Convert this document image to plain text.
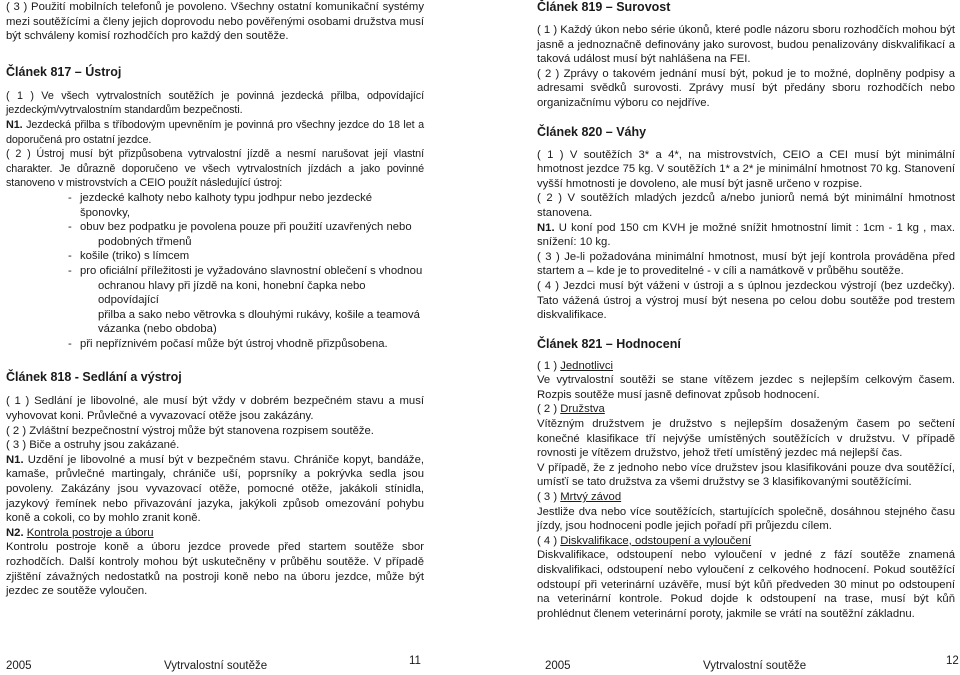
( 3 ) Použití mobilních telefonů je povoleno. Všechny ostatní komunikační systémy mezi soutěžícími a členy jejich doprovodu nebo pověřenými osobami družstva musí být schváleny komisí rozhodčích pro každý den soutěže.

Článek 817 – Ústroj

( 1 ) Ve všech vytrvalostních soutěžích je povinná jezdecká přilba, odpovídající jezdeckým/vytrvalostním standardům bezpečnosti.

N1. Jezdecká přilba s tříbodovým upevněním je povinná pro všechny jezdce do 18 let a doporučená pro ostatní jezdce.

( 2 ) Ústroj musí být přizpůsobena vytrvalostní jízdě a nesmí narušovat její vlastní charakter. Je důrazně doporučeno ve všech vytrvalostních jízdách a jako povinné stanoveno v mistrovstvích a CEIO použít následující ústroj:

- jezdecké kalhoty nebo kalhoty typu jodhpur nebo jezdecké šponovky,
- obuv bez podpatku je povolena pouze při použití uzavřených nebo
podobných třmenů
- košile (triko) s límcem
- pro oficiální příležitosti je vyžadováno slavnostní oblečení s vhodnou
ochranou hlavy při jízdě na koni, honební čapka nebo odpovídající
přilba a sako nebo větrovka s dlouhými rukávy, košile a teamová
vázanka (nebo obdoba)
- při nepříznivém počasí může být ústroj vhodně přizpůsobena.
Článek 818 - Sedlání a výstroj

( 1 ) Sedlání je libovolné, ale musí být vždy v dobrém bezpečném stavu a musí vyhovovat koni. Průvlečné a vyvazovací otěže jsou zakázány.

( 2 ) Zvláštní bezpečnostní výstroj může být stanovena rozpisem soutěže.

( 3 ) Biče a ostruhy jsou zakázané.

N1. Uzdění je libovolné a musí být v bezpečném stavu. Chrániče kopyt, bandáže, kamaše, průvlečné martingaly, chrániče uší, poprsníky a pokrývka sedla jsou povoleny. Zakázány jsou vyvazovací otěže, pomocné otěže, jakákoli stínidla, jazykový řemínek nebo přivazování jazyka, jakýkoli způsob omezování pohybu koně a cokoli, co by mohlo zranit koně.

N2. Kontrola postroje a úboru

Kontrolu postroje koně a úboru jezdce provede před startem soutěže sbor rozhodčích. Další kontroly mohou být uskutečněny v průběhu soutěže. V případě zjištění závažných nedostatků na postroji koně nebo na úboru jezdce, může být jezdec ze soutěže vyloučen.

Článek 819 – Surovost

( 1 ) Každý úkon nebo série úkonů, které podle názoru sboru rozhodčích mohou být jasně a jednoznačně definovány jako surovost, budou penalizovány diskvalifikací a taková událost musí být nahlášena na FEI.

( 2 ) Zprávy o takovém jednání musí být, pokud je to možné, doplněny podpisy a adresami svědků surovosti. Zprávy musí být předány sboru rozhodčích nebo organizačnímu výboru co nejdříve.

Článek 820 – Váhy

( 1 ) V soutěžích 3* a 4*, na mistrovstvích, CEIO a CEI musí být minimální hmotnost jezdce 75 kg. V soutěžích 1* a 2* je minimální hmotnost 70 kg. Stanovení vyšší hmotnosti je dovoleno, ale musí být jasně určeno v rozpise.

( 2 ) V soutěžích mladých jezdců a/nebo juniorů nemá být minimální hmotnost stanovena.

N1. U koní pod 150 cm KVH je možné snížit hmotnostní limit : 1cm - 1 kg , max. snížení: 10 kg.

( 3 ) Je-li požadována minimální hmotnost, musí být její kontrola prováděna před startem a – kde je to proveditelné - v cíli a namátkově v průběhu soutěže.

( 4 ) Jezdci musí být váženi v ústroji a s úplnou jezdeckou výstrojí (bez uzdečky). Tato vážená ústroj a výstroj musí být nesena po celou dobu soutěže pod trestem diskvalifikace.

Článek 821 – Hodnocení

( 1 ) Jednotlivci

Ve vytrvalostní soutěži se stane vítězem jezdec s nejlepším celkovým časem. Rozpis soutěže musí jasně definovat způsob hodnocení.

( 2 ) Družstva

Vítězným družstvem je družstvo s nejlepším dosaženým časem po sečtení konečné klasifikace tří nejvýše umístěných soutěžících v družstvu. V případě rovnosti je vítězem družstvo, jehož třetí umístěný jezdec má nejlepší čas.

V případě, že z jednoho nebo více družstev jsou klasifikováni pouze dva soutěžící, umísťí se tato družstva za všemi družstvy se 3 klasifikovanými soutěžícími.

( 3 ) Mrtvý závod

Jestliže dva nebo více soutěžících, startujících společně, dosáhnou stejného času jízdy, jsou hodnoceni podle jejich pořadí při průjezdu cílem.

( 4 ) Diskvalifikace, odstoupení a vyloučení

Diskvalifikace, odstoupení nebo vyloučení v jedné z fází soutěže znamená diskvalifikaci, odstoupení nebo vyloučení z celkového hodnocení. Pokud soutěžící odstoupí při veterinární uzávěře, musí být kůň předveden 30 minut po odstoupení na veterinární kontrole. Pokud dojde k odstoupení na trase, musí být kůň prohlédnut členem veterinární poroty, jakmile se vrátí na soutěžní základnu.

2005	Vytrvalostní soutěže	11	2005	Vytrvalostní soutěže	12
